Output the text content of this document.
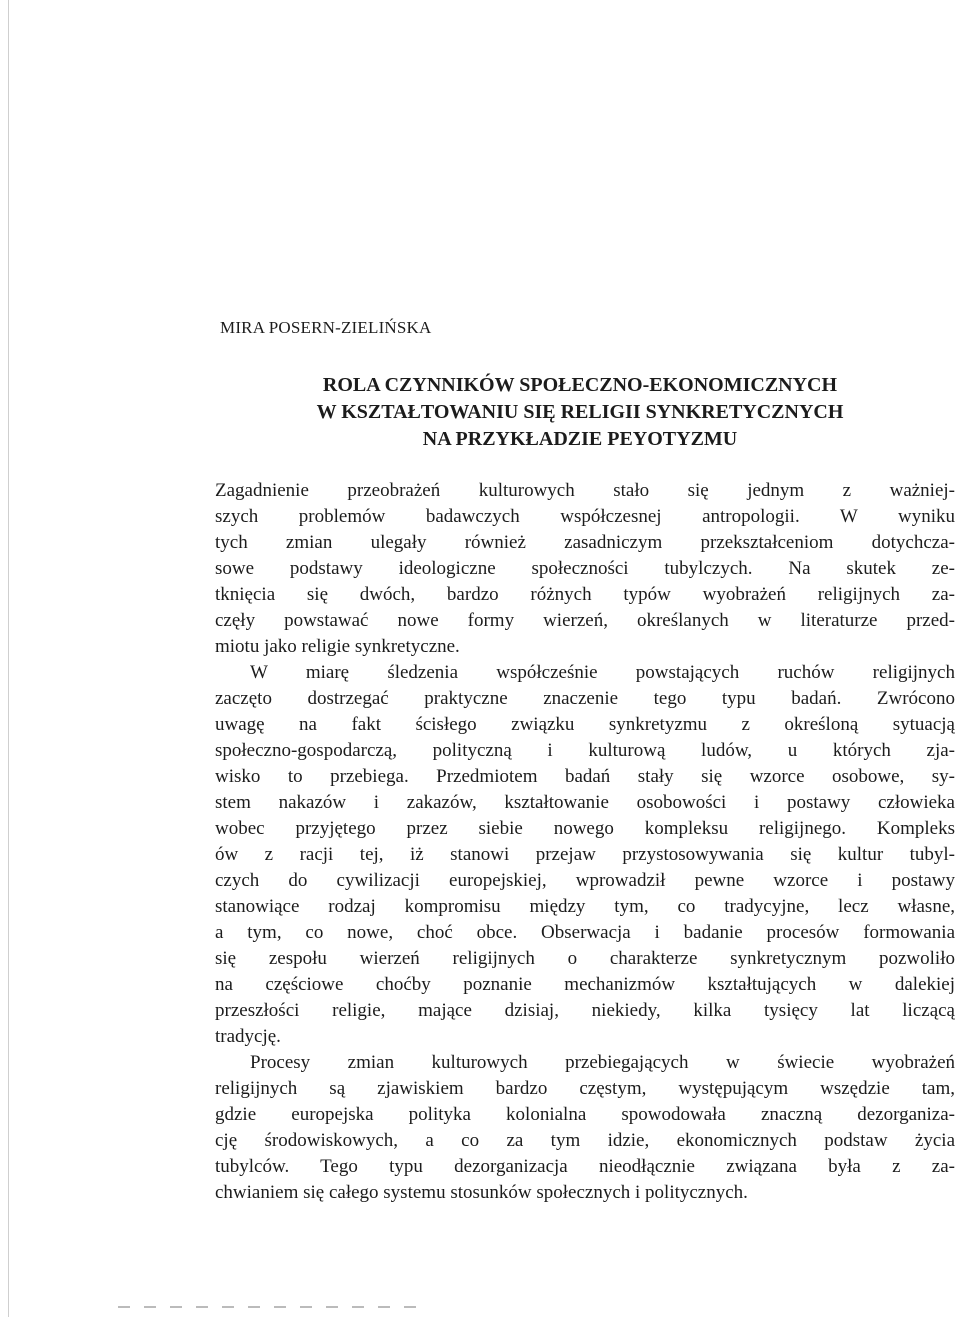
MIRA POSERN-ZIELIŃSKA
ROLA CZYNNIKÓW SPOŁECZNO-EKONOMICZNYCH
W KSZTAŁTOWANIU SIĘ RELIGII SYNKRETYCZNYCH
NA PRZYKŁADZIE PEYOTYZMU
Zagadnienie przeobrażeń kulturowych stało się jednym z ważniej-
szych problemów badawczych współczesnej antropologii. W wyniku
tych zmian ulegały również zasadniczym przekształceniom dotychcza-
sowe podstawy ideologiczne społeczności tubylczych. Na skutek ze-
tknięcia się dwóch, bardzo różnych typów wyobrażeń religijnych za-
częły powstawać nowe formy wierzeń, określanych w literaturze przed-
miotu jako religie synkretyczne.
W miarę śledzenia współcześnie powstających ruchów religijnych
zaczęto dostrzegać praktyczne znaczenie tego typu badań. Zwrócono
uwagę na fakt ścisłego związku synkretyzmu z określoną sytuacją
społeczno-gospodarczą, polityczną i kulturową ludów, u których zja-
wisko to przebiega. Przedmiotem badań stały się wzorce osobowe, sy-
stem nakazów i zakazów, kształtowanie osobowości i postawy człowieka
wobec przyjętego przez siebie nowego kompleksu religijnego. Kompleks
ów z racji tej, iż stanowi przejaw przystosowywania się kultur tubyl-
czych do cywilizacji europejskiej, wprowadził pewne wzorce i postawy
stanowiące rodzaj kompromisu między tym, co tradycyjne, lecz własne,
a tym, co nowe, choć obce. Obserwacja i badanie procesów formowania
się zespołu wierzeń religijnych o charakterze synkretycznym pozwoliło
na częściowe choćby poznanie mechanizmów kształtujących w dalekiej
przeszłości religie, mające dzisiaj, niekiedy, kilka tysięcy lat liczącą
tradycję.
Procesy zmian kulturowych przebiegających w świecie wyobrażeń
religijnych są zjawiskiem bardzo częstym, występującym wszędzie tam,
gdzie europejska polityka kolonialna spowodowała znaczną dezorganiza-
cję środowiskowych, a co za tym idzie, ekonomicznych podstaw życia
tubylców. Tego typu dezorganizacja nieodłącznie związana była z za-
chwianiem się całego systemu stosunków społecznych i politycznych.
